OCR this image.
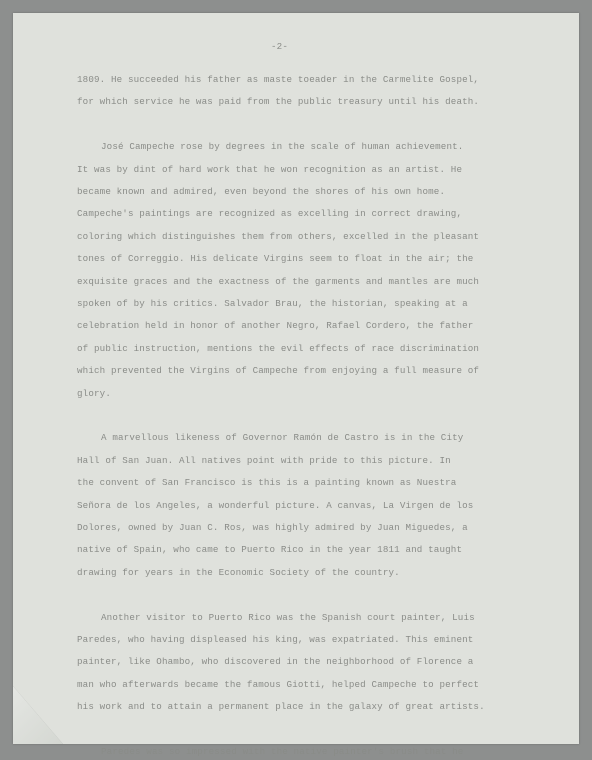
-2-

1809. He succeeded his father as maste toeader in the Carmelite Gospel,
for which service he was paid from the public treasury until his death.
José Campeche rose by degrees in the scale of human achievement.
It was by dint of hard work that he won recognition as an artist. He
became known and admired, even beyond the shores of his own home.
Campeche's paintings are recognized as excelling in correct drawing,
coloring which distinguishes them from others, excelled in the pleasant
tones of Correggio. His delicate Virgins seem to float in the air; the
exquisite graces and the exactness of the garments and mantles are much
spoken of by his critics. Salvador Brau, the historian, speaking at a
celebration held in honor of another Negro, Rafael Cordero, the father
of public instruction, mentions the evil effects of race discrimination
which prevented the Virgins of Campeche from enjoying a full measure of
glory.
A marvellous likeness of Governor Ramón de Castro is in the City
Hall of San Juan. All natives point with pride to this picture. In
the convent of San Francisco is this is a painting known as Nuestra
Señora de los Angeles, a wonderful picture. A canvas, La Virgen de los
Dolores, owned by Juan C. Ros, was highly admired by Juan Miguedes, a
native of Spain, who came to Puerto Rico in the year 1811 and taught
drawing for years in the Economic Society of the country.
Another visitor to Puerto Rico was the Spanish court painter, Luis
Paredes, who having displeased his king, was expatriated. This eminent
painter, like Ohambo, who discovered in the neighborhood of Florence a
man who afterwards became the famous Giotti, helped Campeche to perfect
his work and to attain a permanent place in the galaxy of great artists.
Paredes was so impressed with the native painter's brush that he
